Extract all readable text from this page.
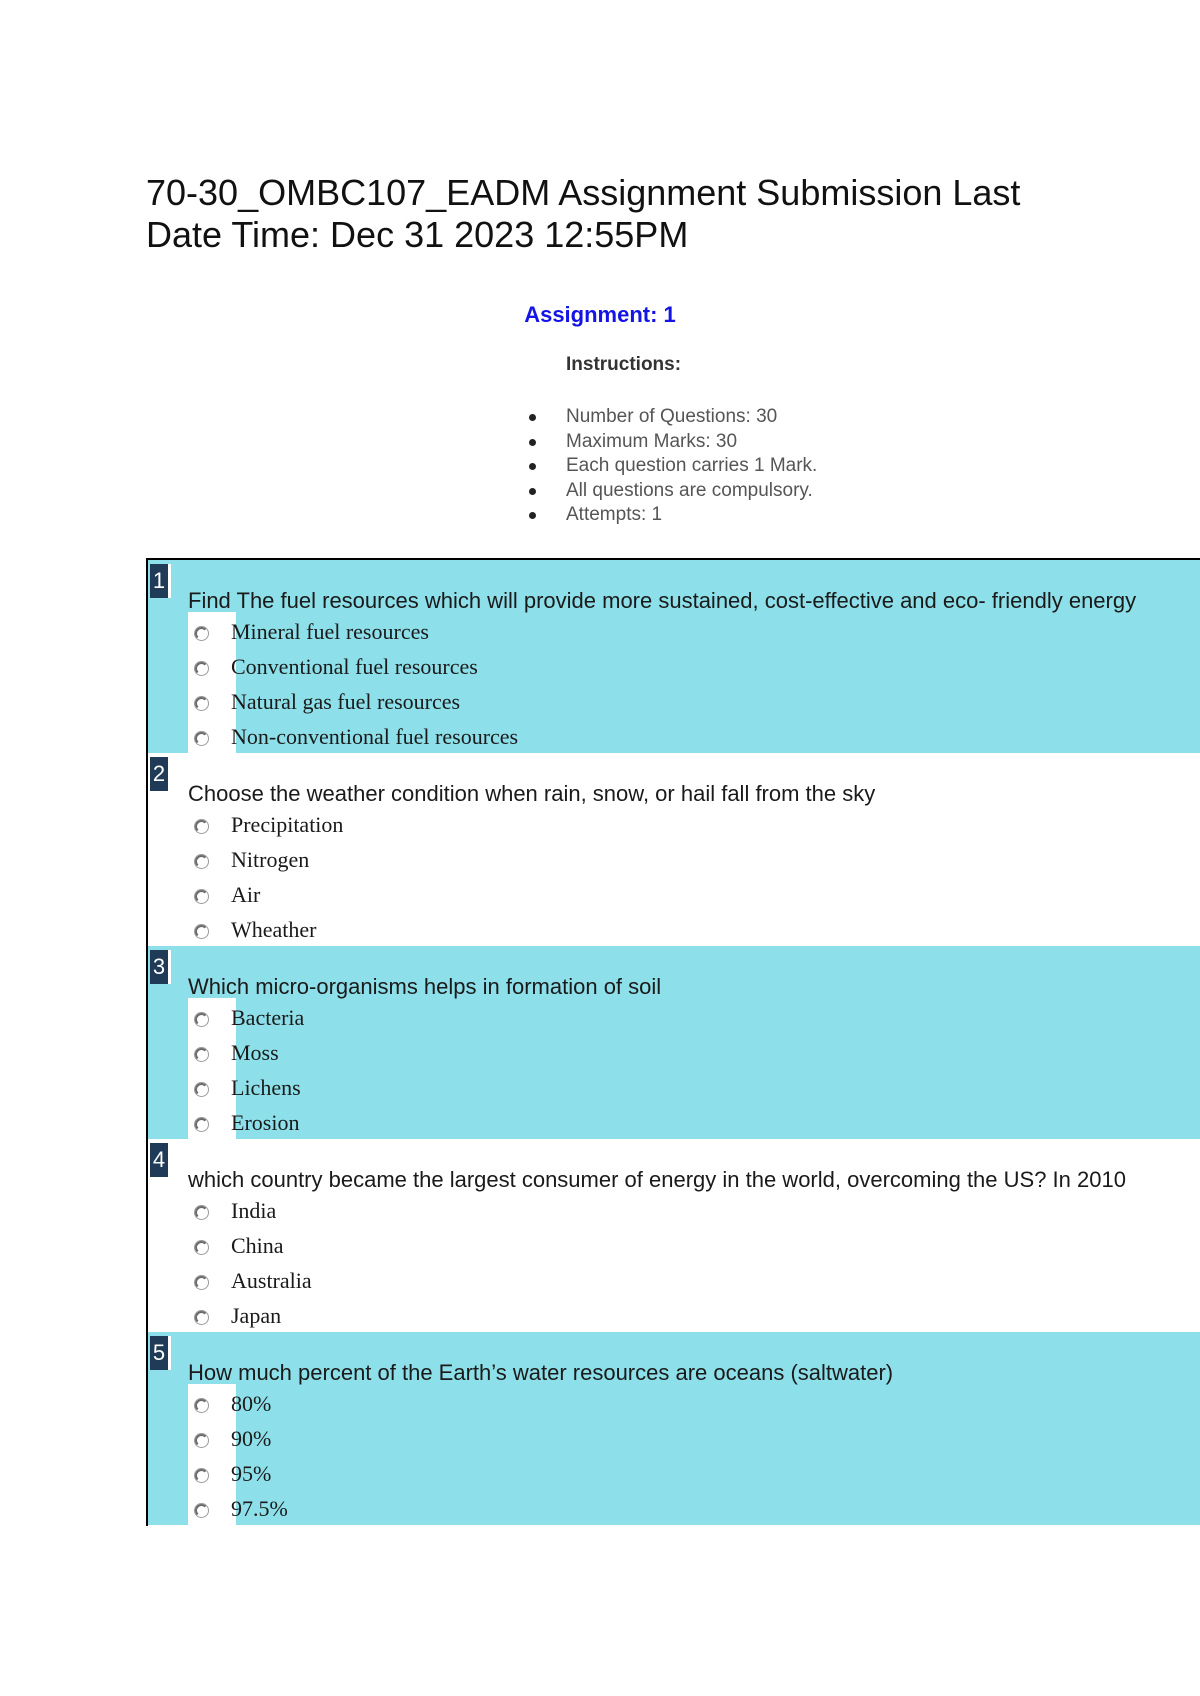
70-30_OMBC107_EADM Assignment Submission Last
Date Time: Dec 31 2023 12:55PM
Assignment: 1
Instructions:
Number of Questions: 30
Maximum Marks: 30
Each question carries 1 Mark.
All questions are compulsory.
Attempts: 1
1
Find The fuel resources which will provide more sustained, cost-effective and eco- friendly energy
Mineral fuel resources
Conventional fuel resources
Natural gas fuel resources
Non-conventional fuel resources
2
Choose the weather condition when rain, snow, or hail fall from the sky
Precipitation
Nitrogen
Air
Wheather
3
Which micro-organisms helps in formation of soil
Bacteria
Moss
Lichens
Erosion
4
which country became the largest consumer of energy in the world, overcoming the US? In 2010
India
China
Australia
Japan
5
How much percent of the Earth’s water resources are oceans (saltwater)
80%
90%
95%
97.5%
